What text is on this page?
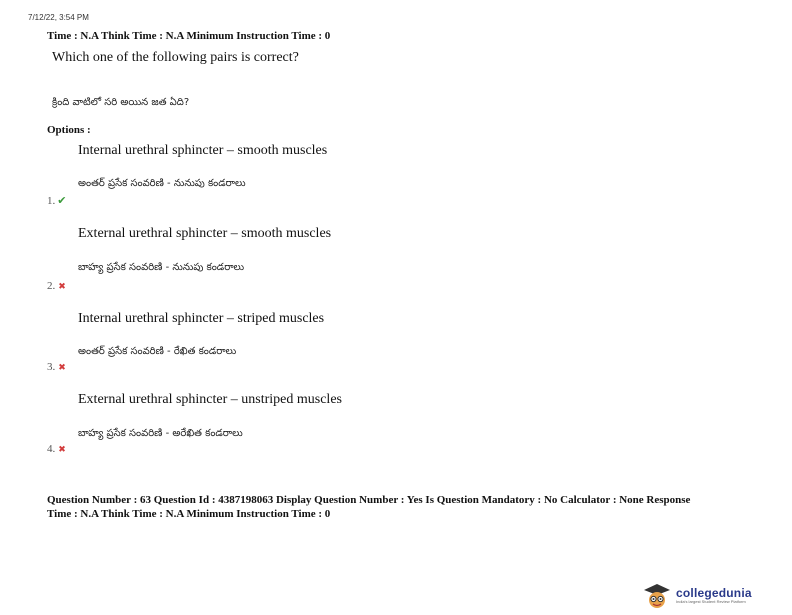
7/12/22, 3:54 PM
Time : N.A Think Time : N.A Minimum Instruction Time : 0
Which one of the following pairs is correct?
క్రింది వాటిలో సరి అయిన జత ఏది?
Options :
Internal urethral sphincter – smooth muscles
అంతర్ ప్రసేక సంవరిణి - నునుపు కండరాలు
1. ✔
External urethral sphincter – smooth muscles
బాహ్య ప్రసేక సంవరిణి - నునుపు కండరాలు
2. ✖
Internal urethral sphincter – striped muscles
అంతర్ ప్రసేక సంవరిణి - రేఖిత కండరాలు
3. ✖
External urethral sphincter – unstriped muscles
బాహ్య ప్రసేక సంవరిణి - అరేఖిత కండరాలు
4. ✖
Question Number : 63 Question Id : 4387198063 Display Question Number : Yes Is Question Mandatory : No Calculator : None Response
Time : N.A Think Time : N.A Minimum Instruction Time : 0
collegedunia
India's largest Student Review Platform
